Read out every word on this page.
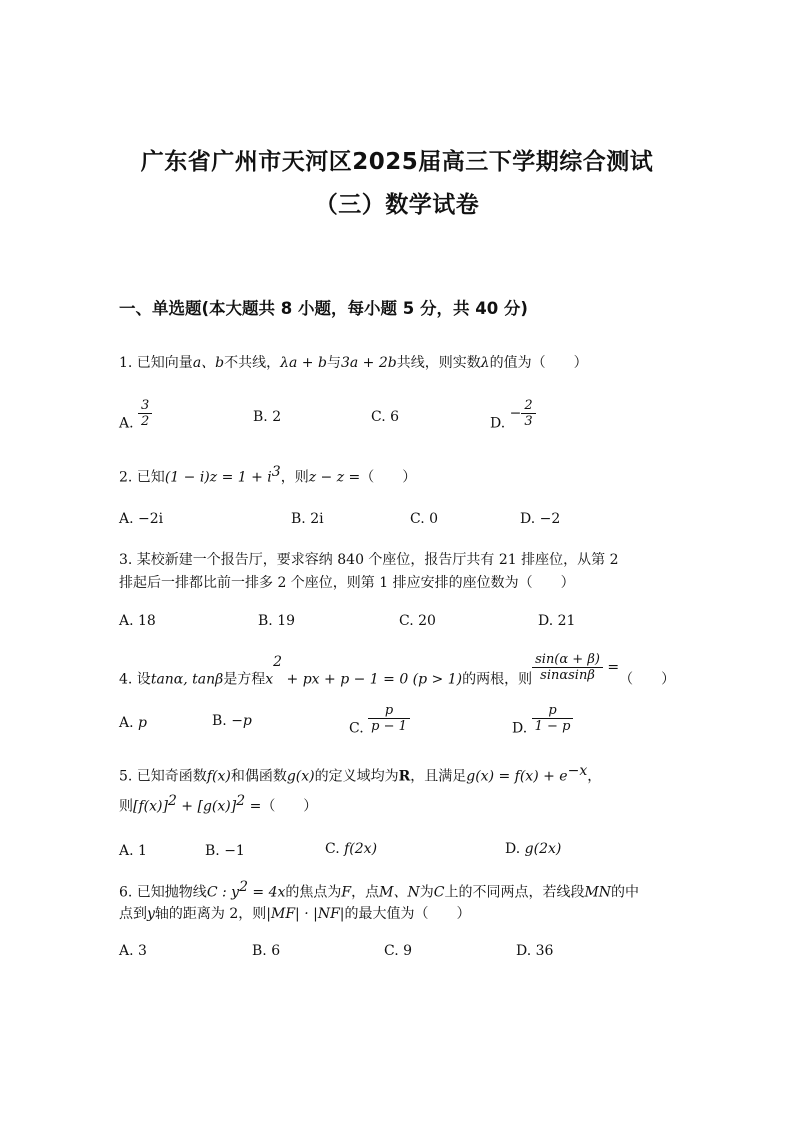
广东省广州市天河区2025届高三下学期综合测试
（三）数学试卷
一、单选题(本大题共 8 小题，每小题 5 分，共 40 分)
1. 已知向量a、b不共线，λa + b与3a + 2b共线，则实数λ的值为（　　）
A. $\frac{3}{2}$	B. 2	C. 6	D. − $\frac{2}{3}$
2. 已知$(1 - i)z = 1 + i^3$，则z − z =（　　）
A. −2i	B. 2i	C. 0	D. −2
3. 某校新建一个报告厅，要求容纳 840 个座位，报告厅共有 21 排座位，从第 2
排起后一排都比前一排多 2 个座位，则第 1 排应安排的座位数为（　　）
A. 18	B. 19	C. 20	D. 21
4. 设tanα, tanβ是方程$x^2$ + px + p − 1 = 0 (p > 1)的两根，则 $\frac{\sin(\alpha + \beta)}{\sin\alpha\sin\beta}$ =（　　）
A. p	B. −p	C. $\frac{p}{p - 1}$	D. $\frac{p}{1 - p}$
5. 已知奇函数f(x)和偶函数g(x)的定义域均为R，且满足$g(x) = f(x) + e^{-x}$，
则$[f(x)]^2 + [g(x)]^2$ =（　　）
A. 1	B. −1	C. f(2x)	D. g(2x)
6. 已知抛物线C : $y^2 = 4x$的焦点为F，点M、N为C上的不同两点，若线段MN的中
点到y轴的距离为 2，则|MF| · |NF|的最大值为（　　）
A. 3	B. 6	C. 9	D. 36
